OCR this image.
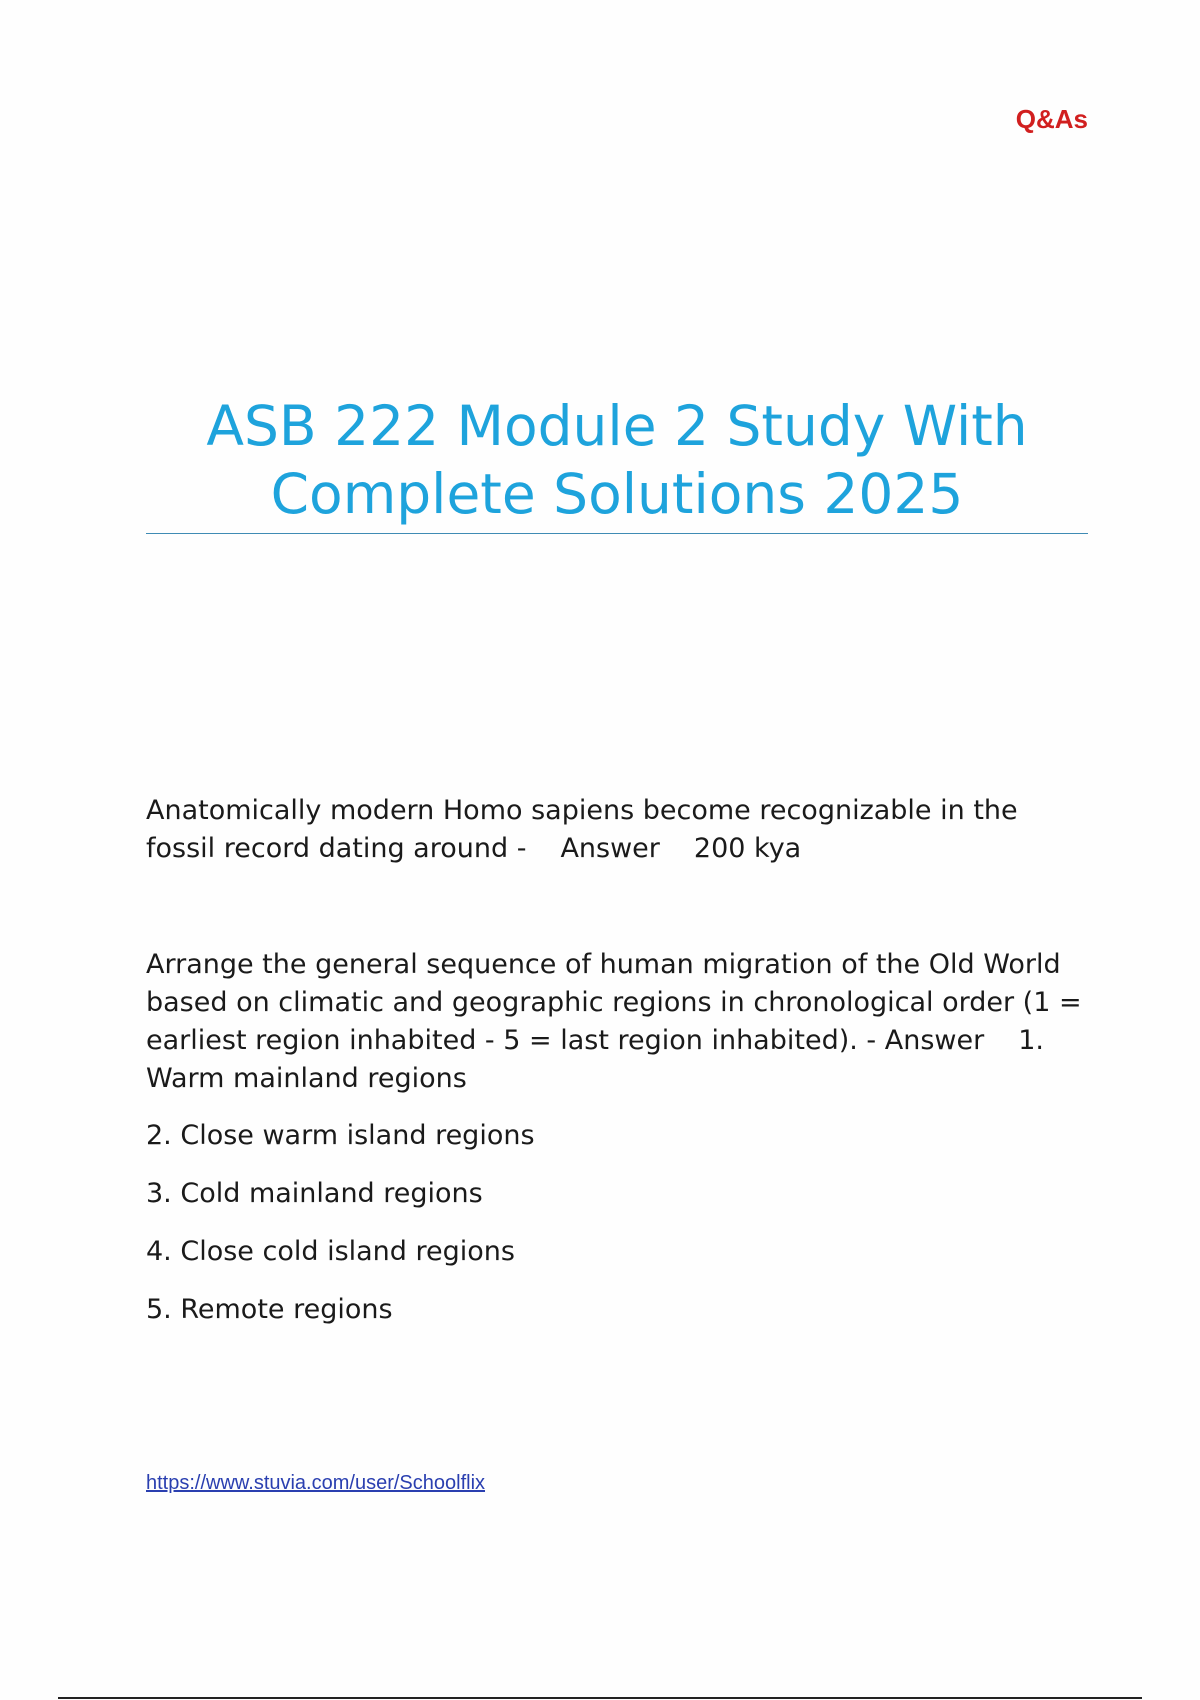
Q&As
ASB 222 Module 2 Study With Complete Solutions 2025

Anatomically modern Homo sapiens become recognizable in the fossil record dating around - Answer 200 kya

Arrange the general sequence of human migration of the Old World based on climatic and geographic regions in chronological order (1 = earliest region inhabited - 5 = last region inhabited). - Answer 1. Warm mainland regions

2. Close warm island regions
3. Cold mainland regions
4. Close cold island regions
5. Remote regions
https://www.stuvia.com/user/Schoolflix
